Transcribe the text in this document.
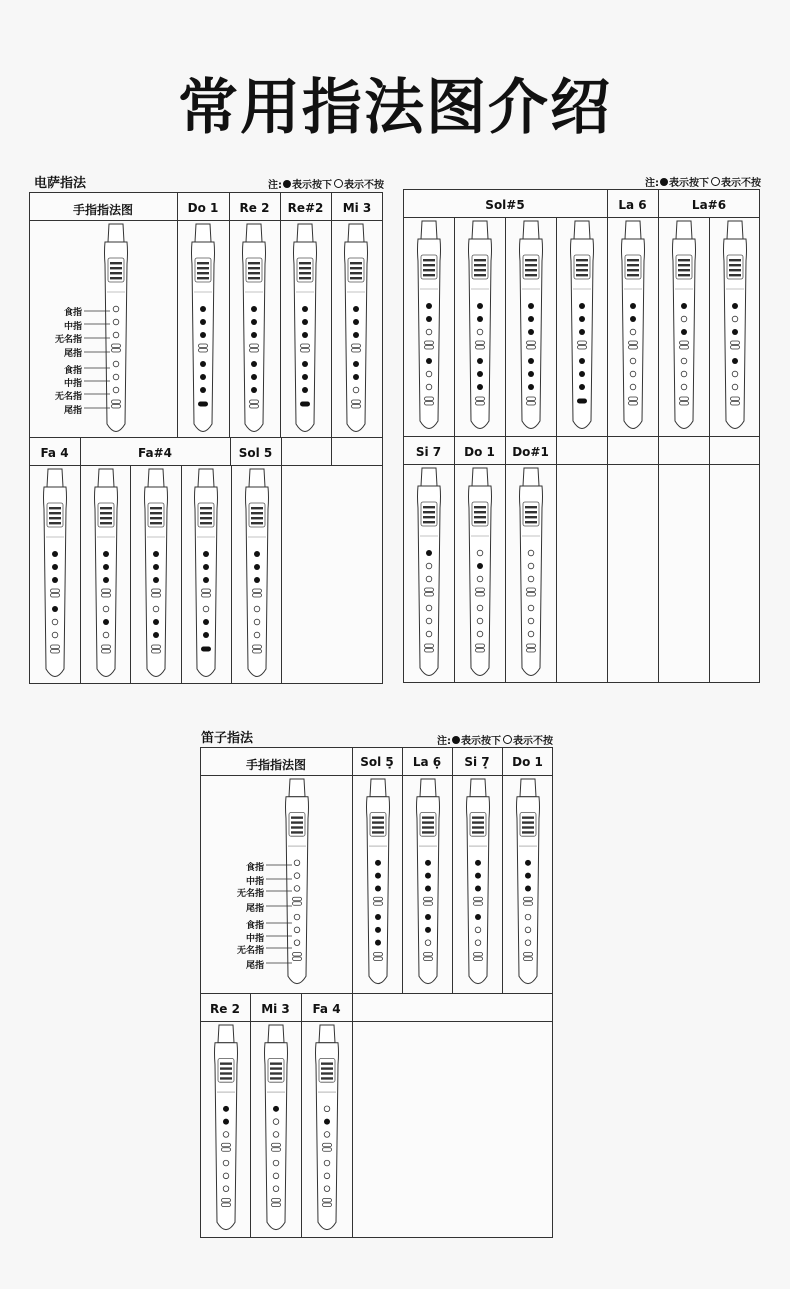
常用指法图介绍
电萨指法	注: 表示按下 表示不按	注: 表示按下 表示不按
手指指法图	Do 1	Re 2	Re#2	Mi 3
Fa 4	Fa#4	Sol 5
Sol#5	La 6	La#6
Si 7	Do 1	Do#1
笛子指法	注: 表示按下 表示不按
手指指法图	Sol 5̣	La 6̣	Si 7̣	Do 1
Re 2	Mi 3	Fa 4
食指
中指
无名指
尾指
食指
中指
无名指
尾指
食指
中指
无名指
尾指
食指
中指
无名指
尾指
